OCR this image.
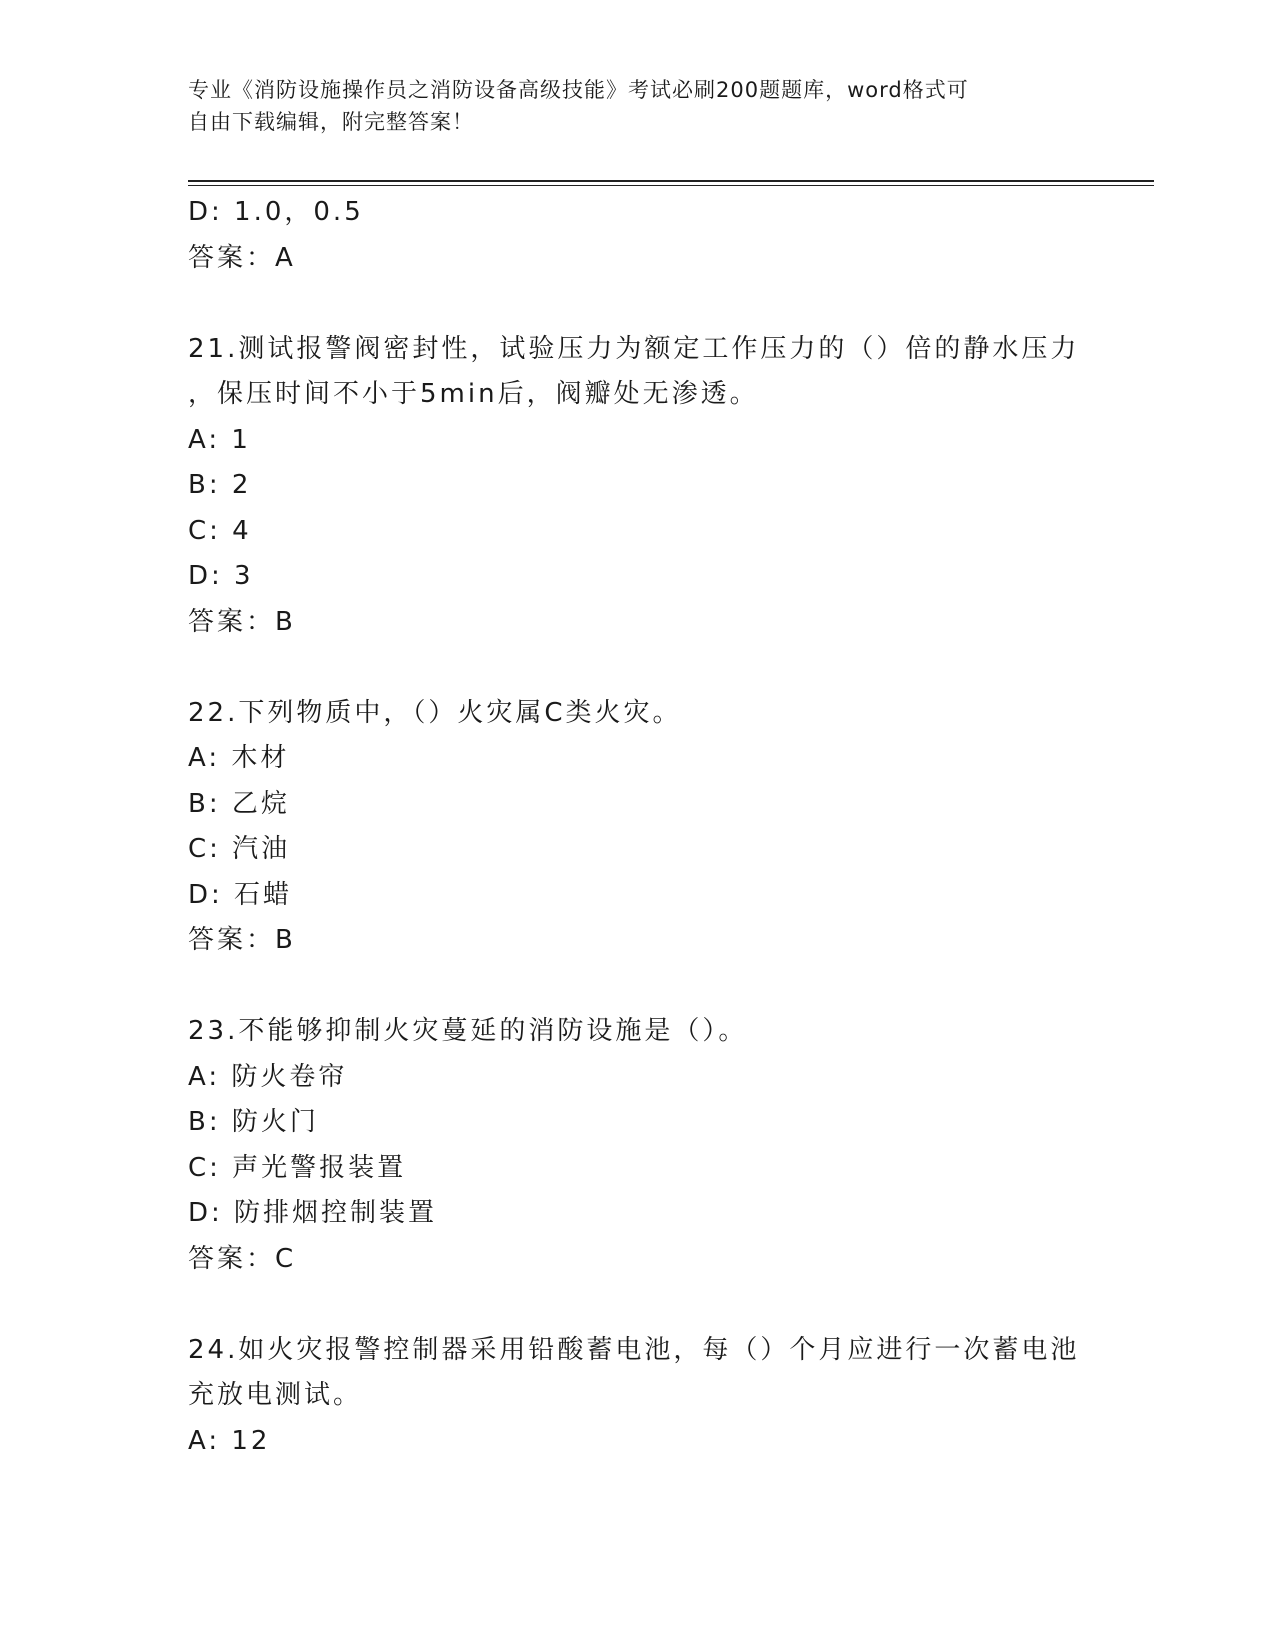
专业《消防设施操作员之消防设备高级技能》考试必刷200题题库，word格式可
自由下载编辑，附完整答案！
D: 1.0，0.5
答案：A
21.测试报警阀密封性，试验压力为额定工作压力的（）倍的静水压力
，保压时间不小于5min后，阀瓣处无渗透。
A: 1
B: 2
C: 4
D: 3
答案：B
22.下列物质中，（）火灾属C类火灾。
A: 木材
B: 乙烷
C: 汽油
D: 石蜡
答案：B
23.不能够抑制火灾蔓延的消防设施是（）。
A: 防火卷帘
B: 防火门
C: 声光警报装置
D: 防排烟控制装置
答案：C
24.如火灾报警控制器采用铅酸蓄电池，每（）个月应进行一次蓄电池
充放电测试。
A: 12
